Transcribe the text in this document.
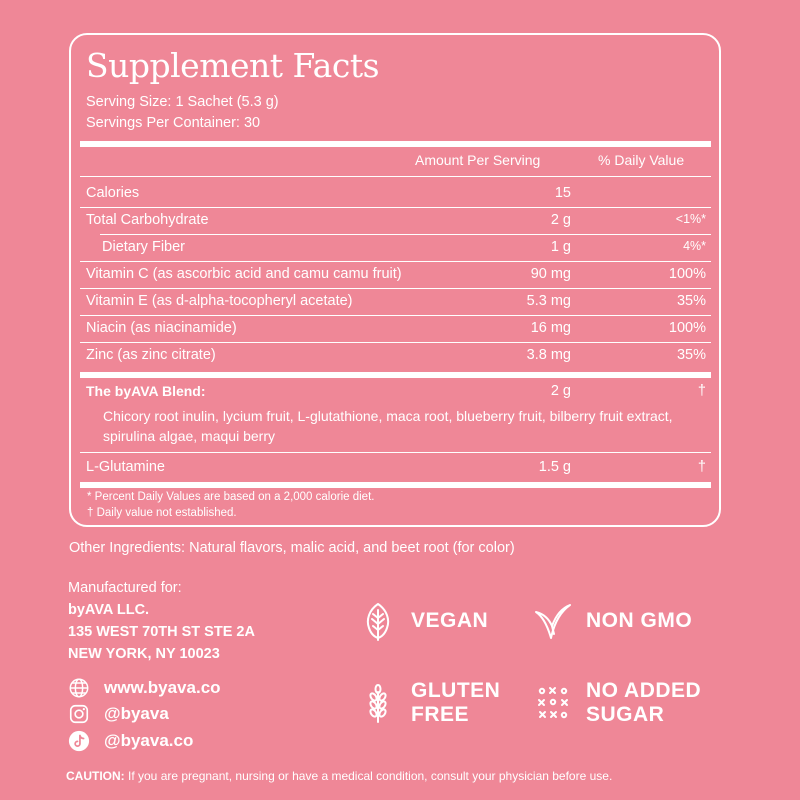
Supplement Facts
Serving Size: 1 Sachet (5.3 g)
Servings Per Container: 30
Amount Per Serving	% Daily Value
Calories	15
Total Carbohydrate	2 g	<1%*
Dietary Fiber	1 g	4%*
Vitamin C (as ascorbic acid and camu camu fruit)	90 mg	100%
Vitamin E (as d-alpha-tocopheryl acetate)	5.3 mg	35%
Niacin (as niacinamide)	16 mg	100%
Zinc (as zinc citrate)	3.8 mg	35%
The byAVA Blend:	2 g	†
Chicory root inulin, lycium fruit, L-glutathione, maca root, blueberry fruit, bilberry fruit extract, spirulina algae, maqui berry
L-Glutamine	1.5 g	†
* Percent Daily Values are based on a 2,000 calorie diet.
† Daily value not established.
Other Ingredients: Natural flavors, malic acid, and beet root (for color)
Manufactured for:
byAVA LLC.
135 WEST 70TH ST STE 2A
NEW YORK, NY 10023
www.byava.co
@byava
@byava.co
VEGAN	NON GMO
GLUTEN
FREE
NO ADDED
SUGAR
CAUTION: If you are pregnant, nursing or have a medical condition, consult your physician before use.
